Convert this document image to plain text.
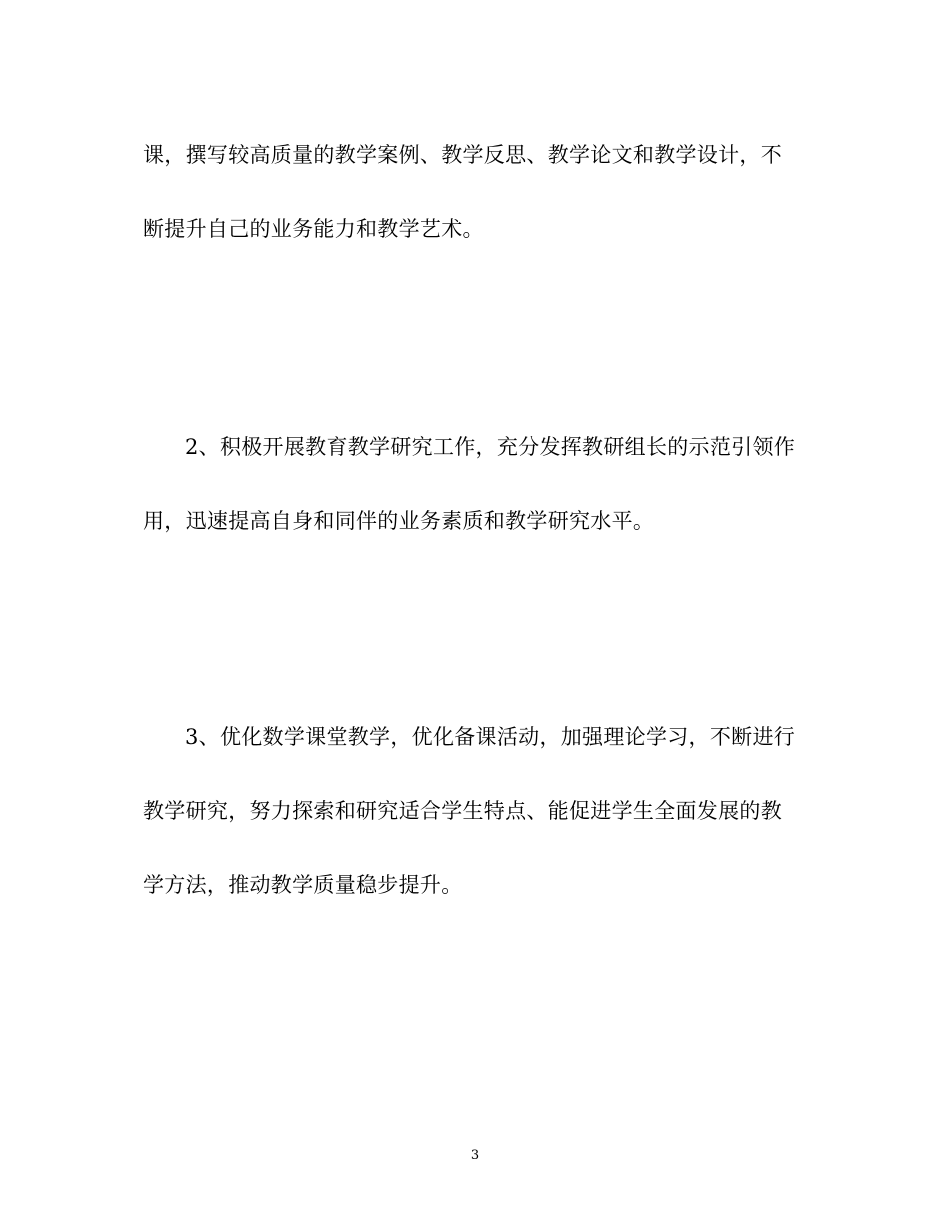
课，撰写较高质量的教学案例、教学反思、教学论文和教学设计，不
断提升自己的业务能力和教学艺术。
2、积极开展教育教学研究工作，充分发挥教研组长的示范引领作
用，迅速提高自身和同伴的业务素质和教学研究水平。
3、优化数学课堂教学，优化备课活动，加强理论学习，不断进行
教学研究，努力探索和研究适合学生特点、能促进学生全面发展的教
学方法，推动教学质量稳步提升。
3
